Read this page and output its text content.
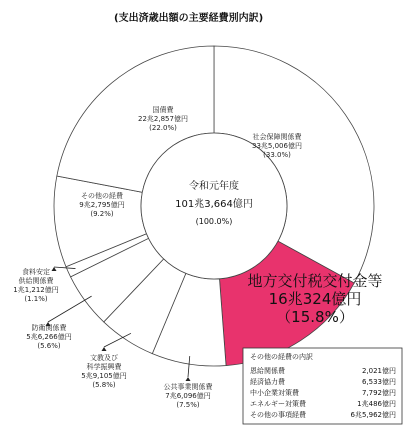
(支出済歳出額の主要経費別内訳)
令和元年度
101兆3,664億円
(100.0%)
社会保障関係費
33兆5,006億円
(33.0%)
地方交付税交付金等
16兆324億円
（15.8%）
公共事業関係費
7兆6,096億円
(7.5%)
文教及び
科学振興費
5兆9,105億円
(5.8%)
防衛関係費
5兆6,266億円
(5.6%)
食料安定
供給関係費
1兆1,212億円
(1.1%)
その他の経費
9兆2,795億円
(9.2%)
国債費
22兆2,857億円
(22.0%)
その他の経費の内訳
恩給関係費	2,021億円
経済協力費	6,533億円
中小企業対策費	7,792億円
エネルギー対策費	1兆486億円
その他の事項経費	6兆5,962億円
